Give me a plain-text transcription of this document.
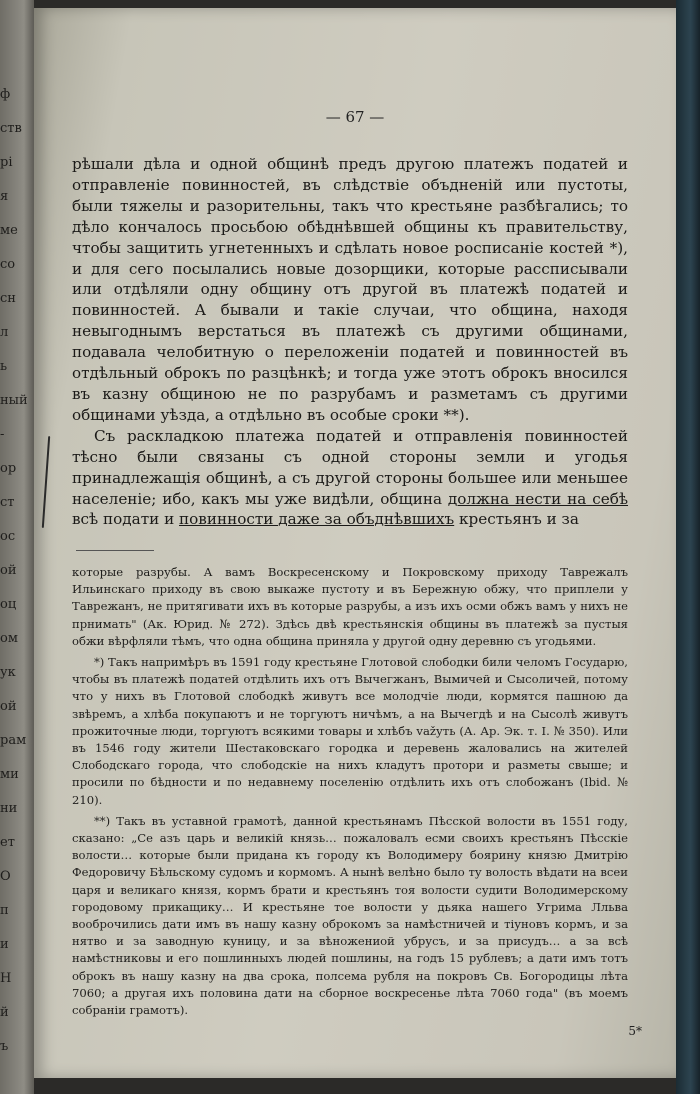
ф
ств
рі
я
ме
со
сн
л
ь
ный
-
ор
ст
ос
ой
оц
ом
ук
ой
рам
ми
ни
ет
О
п
и
Н
й
ъ
— 67 —

рѣшали дѣла и одной общинѣ предъ другою платежъ податей и отправленіе повинностей, въ слѣдствіе объдненій или пустоты, были тяжелы и разорительны, такъ что крестьяне разбѣгались; то дѣло кончалось просьбою обѣднѣвшей общины къ правительству, чтобы защитить угнетенныхъ и сдѣлать новое росписаніе костей *), и для сего посылались новые дозорщики, которые рассписывали или отдѣляли одну общину отъ другой въ платежѣ податей и повинностей. А бывали и такіе случаи, что община, находя невыгоднымъ верстаться въ платежѣ съ другими общинами, подавала челобитную о переложеніи податей и повинностей въ отдѣльный оброкъ по разцѣнкѣ; и тогда уже этотъ оброкъ вносился въ казну общиною не по разрубамъ и разметамъ съ другими общинами уѣзда, а отдѣльно въ особые сроки **).

Съ раскладкою платежа податей и отправленія повинностей тѣсно были связаны съ одной стороны земли и угодья принадлежащія общинѣ, а съ другой стороны большее или меньшее населеніе; ибо, какъ мы уже видѣли, община должна нести на себѣ всѣ подати и повинности даже за объднѣвшихъ крестьянъ и за

которые разрубы. А вамъ Воскресенскому и Покровскому приходу Таврежалъ Ильинскаго приходу въ свою выкаже пустоту и въ Бережную обжу, что приплели у Таврежанъ, не притягивати ихъ въ которые разрубы, а изъ ихъ осми обжъ вамъ у нихъ не прнимать" (Ак. Юрид. № 272). Здѣсь двѣ крестьянскія общины въ платежѣ за пустыя обжи вѣрфляли тѣмъ, что одна община приняла у другой одну деревню съ угодьями.

*) Такъ напримѣръ въ 1591 году крестьяне Глотовой слободки били челомъ Государю, чтобы въ платежѣ податей отдѣлить ихъ отъ Вычегжанъ, Вымичей и Сысоличей, потому что у нихъ въ Глотовой слободкѣ живутъ все молодчіе люди, кормятся пашною да звѣремъ, а хлѣба покупаютъ и не торгуютъ ничѣмъ, а на Вычегдѣ и на Сысолѣ живутъ прожиточные люди, торгуютъ всякими товары и хлѣбъ važуть (А. Ар. Эк. т. I. № 350). Или въ 1546 году жители Шестаковскаго городка и деревень жаловались на жителей Слободскаго города, что слободскіе на нихъ кладутъ протори и разметы свыше; и просили по бѣдности и по недавнему поселенію отдѣлить ихъ отъ слобожанъ (Ibid. № 210).

**) Такъ въ уставной грамотѣ, данной крестьянамъ Пѣсской волости въ 1551 году, сказано: „Се азъ царь и великій князь… пожаловалъ есми своихъ крестьянъ Пѣсскіе волости… которые были придана къ городу къ Володимеру боярину князю Дмитрію Федоровичу Бѣльскому судомъ и кормомъ. А нынѣ велѣно было ту волость вѣдати на всеи царя и великаго князя, кормъ брати и крестьянъ тоя волости судити Володимерскому городовому прикащику… И крестьяне тое волости у дьяка нашего Угрима Лльва вооброчились дати имъ въ нашу казну оброкомъ за намѣстничей и тіуновъ кормъ, и за нятво и за заводную куницу, и за вѣножениой убрусъ, и за присудъ… а за всѣ намѣстниковы и его пошлинныхъ людей пошлины, на годъ 15 рублевъ; а дати имъ тотъ оброкъ въ нашу казну на два срока, полсема рубля на покровъ Св. Богородицы лѣта 7060; а другая ихъ половина дати на сборное воскресенье лѣта 7060 года" (въ моемъ собраніи грамотъ).

5*
